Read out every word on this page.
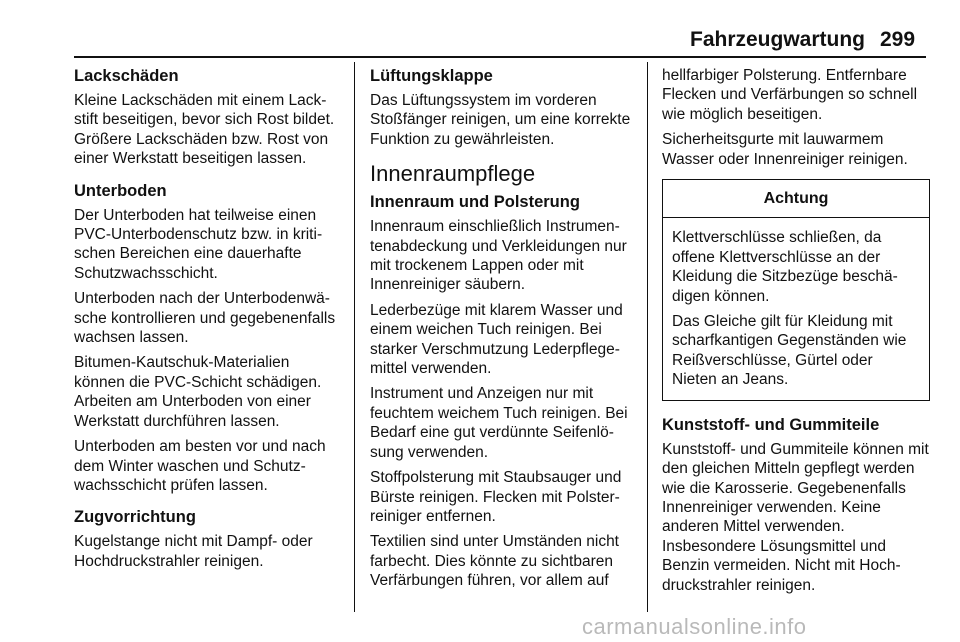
Fahrzeugwartung 299
Lackschäden

Kleine Lackschäden mit einem Lackstift beseitigen, bevor sich Rost bildet. Größere Lackschäden bzw. Rost von einer Werkstatt beseitigen lassen.

Unterboden

Der Unterboden hat teilweise einen PVC-Unterbodenschutz bzw. in kritischen Bereichen eine dauerhafte Schutzwachsschicht.

Unterboden nach der Unterbodenwäsche kontrollieren und gegebenenfalls wachsen lassen.

Bitumen-Kautschuk-Materialien können die PVC-Schicht schädigen. Arbeiten am Unterboden von einer Werkstatt durchführen lassen.

Unterboden am besten vor und nach dem Winter waschen und Schutzwachsschicht prüfen lassen.

Zugvorrichtung

Kugelstange nicht mit Dampf- oder Hochdruckstrahler reinigen.

Lüftungsklappe

Das Lüftungssystem im vorderen Stoßfänger reinigen, um eine korrekte Funktion zu gewährleisten.

Innenraumpflege
Innenraum und Polsterung

Innenraum einschließlich Instrumentenabdeckung und Verkleidungen nur mit trockenem Lappen oder mit Innenreiniger säubern.

Lederbezüge mit klarem Wasser und einem weichen Tuch reinigen. Bei starker Verschmutzung Lederpflegemittel verwenden.

Instrument und Anzeigen nur mit feuchtem weichem Tuch reinigen. Bei Bedarf eine gut verdünnte Seifenlösung verwenden.

Stoffpolsterung mit Staubsauger und Bürste reinigen. Flecken mit Polsterreiniger entfernen.

Textilien sind unter Umständen nicht farbecht. Dies könnte zu sichtbaren Verfärbungen führen, vor allem auf

hellfarbiger Polsterung. Entfernbare Flecken und Verfärbungen so schnell wie möglich beseitigen.

Sicherheitsgurte mit lauwarmem Wasser oder Innenreiniger reinigen.

Achtung

Klettverschlüsse schließen, da offene Klettverschlüsse an der Kleidung die Sitzbezüge beschädigen können.

Das Gleiche gilt für Kleidung mit scharfkantigen Gegenständen wie Reißverschlüsse, Gürtel oder Nieten an Jeans.

Kunststoff- und Gummiteile

Kunststoff- und Gummiteile können mit den gleichen Mitteln gepflegt werden wie die Karosserie. Gegebenenfalls Innenreiniger verwenden. Keine anderen Mittel verwenden. Insbesondere Lösungsmittel und Benzin vermeiden. Nicht mit Hochdruckstrahler reinigen.

carmanualsonline.info
